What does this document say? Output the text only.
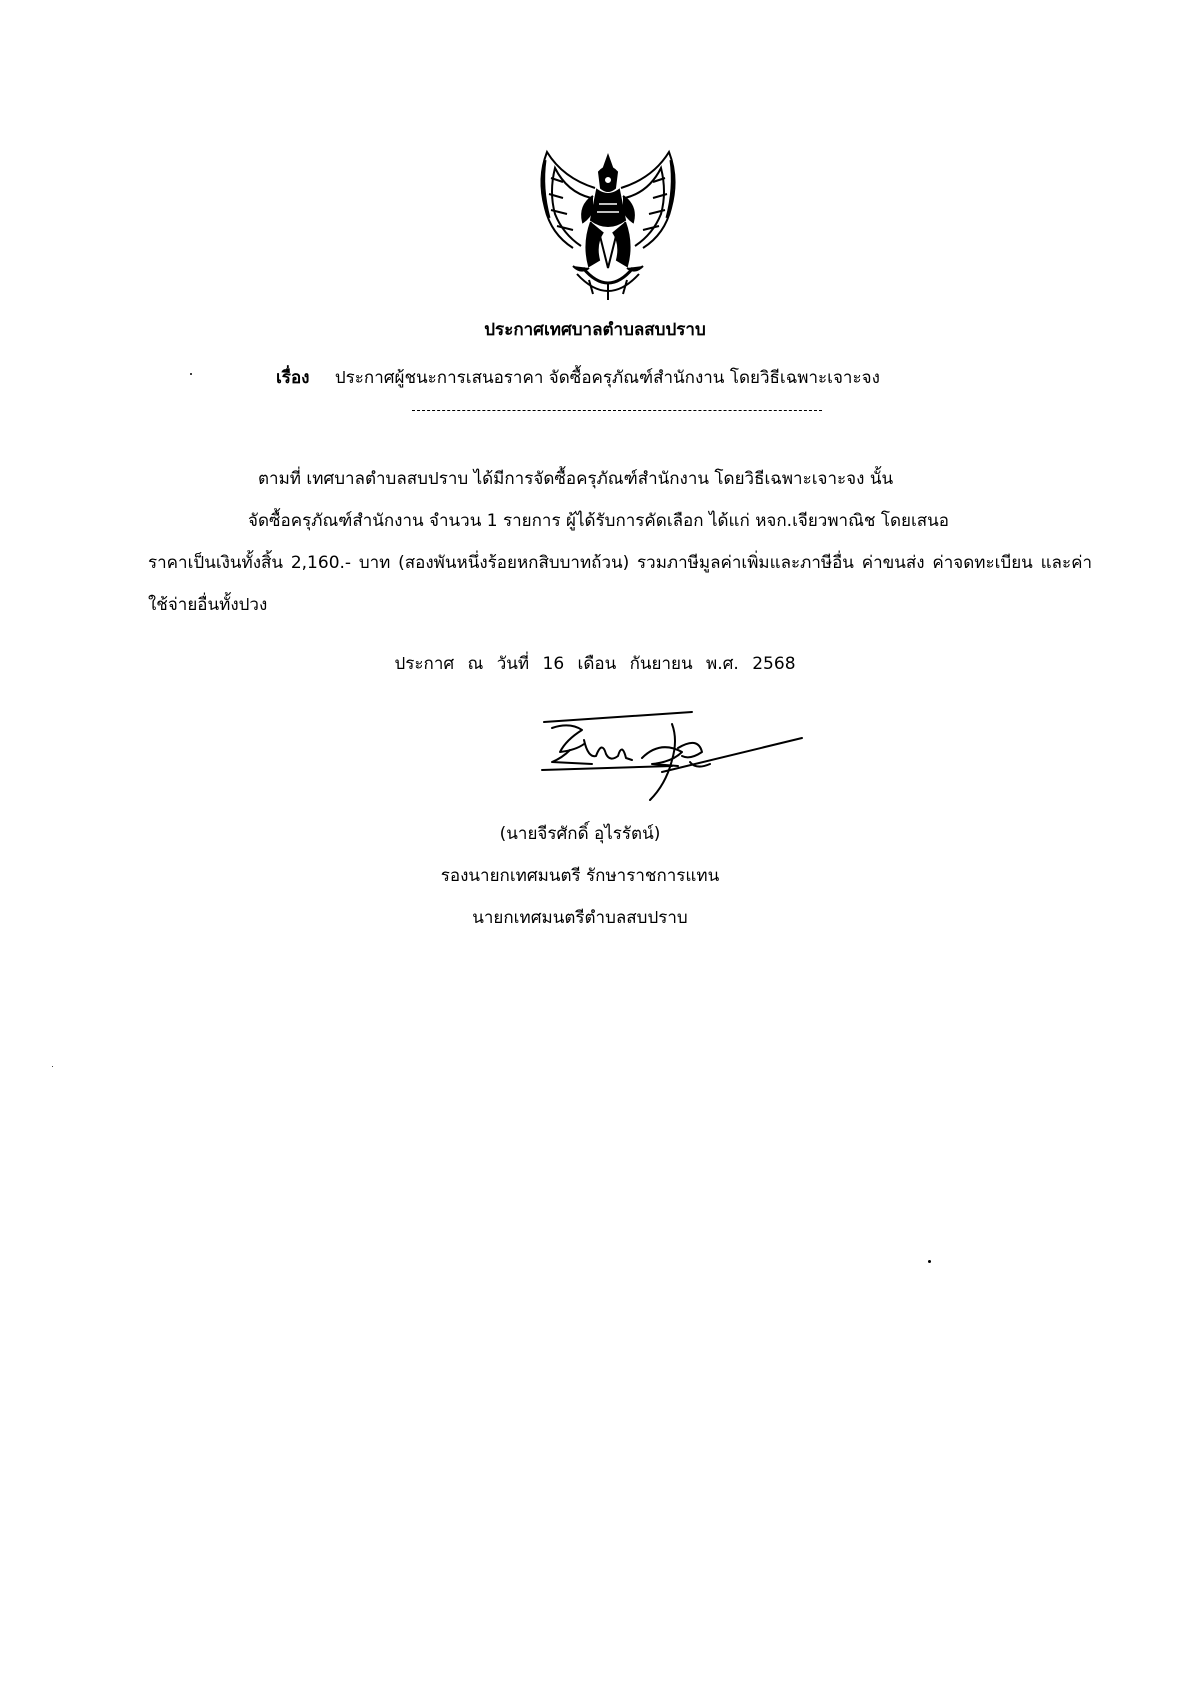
ประกาศเทศบาลตำบลสบปราบ
เรื่อง ประกาศผู้ชนะการเสนอราคา จัดซื้อครุภัณฑ์สำนักงาน โดยวิธีเฉพาะเจาะจง

ตามที่ เทศบาลตำบลสบปราบ ได้มีการจัดซื้อครุภัณฑ์สำนักงาน โดยวิธีเฉพาะเจาะจง นั้น

จัดซื้อครุภัณฑ์สำนักงาน จำนวน 1 รายการ ผู้ได้รับการคัดเลือก ได้แก่ หจก.เจียวพาณิช โดยเสนอ

ราคาเป็นเงินทั้งสิ้น 2,160.- บาท (สองพันหนึ่งร้อยหกสิบบาทถ้วน) รวมภาษีมูลค่าเพิ่มและภาษีอื่น ค่าขนส่ง ค่าจดทะเบียน และค่าใช้จ่ายอื่นทั้งปวง

ประกาศ ณ วันที่ 16 เดือน กันยายน พ.ศ. 2568
(นายจีรศักดิ์ อุไรรัตน์)
รองนายกเทศมนตรี รักษาราชการแทน
นายกเทศมนตรีตำบลสบปราบ
